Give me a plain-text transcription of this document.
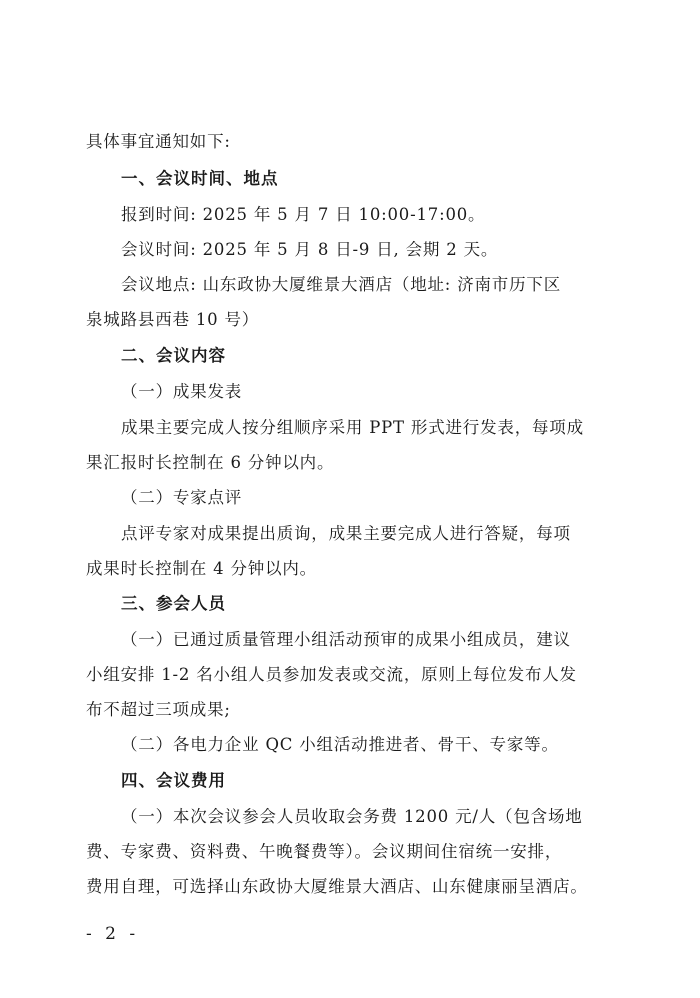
具体事宜通知如下:
一、会议时间、地点
报到时间: 2025 年 5 月 7 日 10:00-17:00。
会议时间: 2025 年 5 月 8 日-9 日, 会期 2 天。
会议地点: 山东政协大厦维景大酒店（地址: 济南市历下区
泉城路县西巷 10 号）
二、会议内容
（一）成果发表
成果主要完成人按分组顺序采用 PPT 形式进行发表，每项成
果汇报时长控制在 6 分钟以内。
（二）专家点评
点评专家对成果提出质询，成果主要完成人进行答疑，每项
成果时长控制在 4 分钟以内。
三、参会人员
（一）已通过质量管理小组活动预审的成果小组成员，建议
小组安排 1-2 名小组人员参加发表或交流，原则上每位发布人发
布不超过三项成果;
（二）各电力企业 QC 小组活动推进者、骨干、专家等。
四、会议费用
（一）本次会议参会人员收取会务费 1200 元/人（包含场地
费、专家费、资料费、午晚餐费等）。会议期间住宿统一安排，
费用自理，可选择山东政协大厦维景大酒店、山东健康丽呈酒店。
- 2 -
